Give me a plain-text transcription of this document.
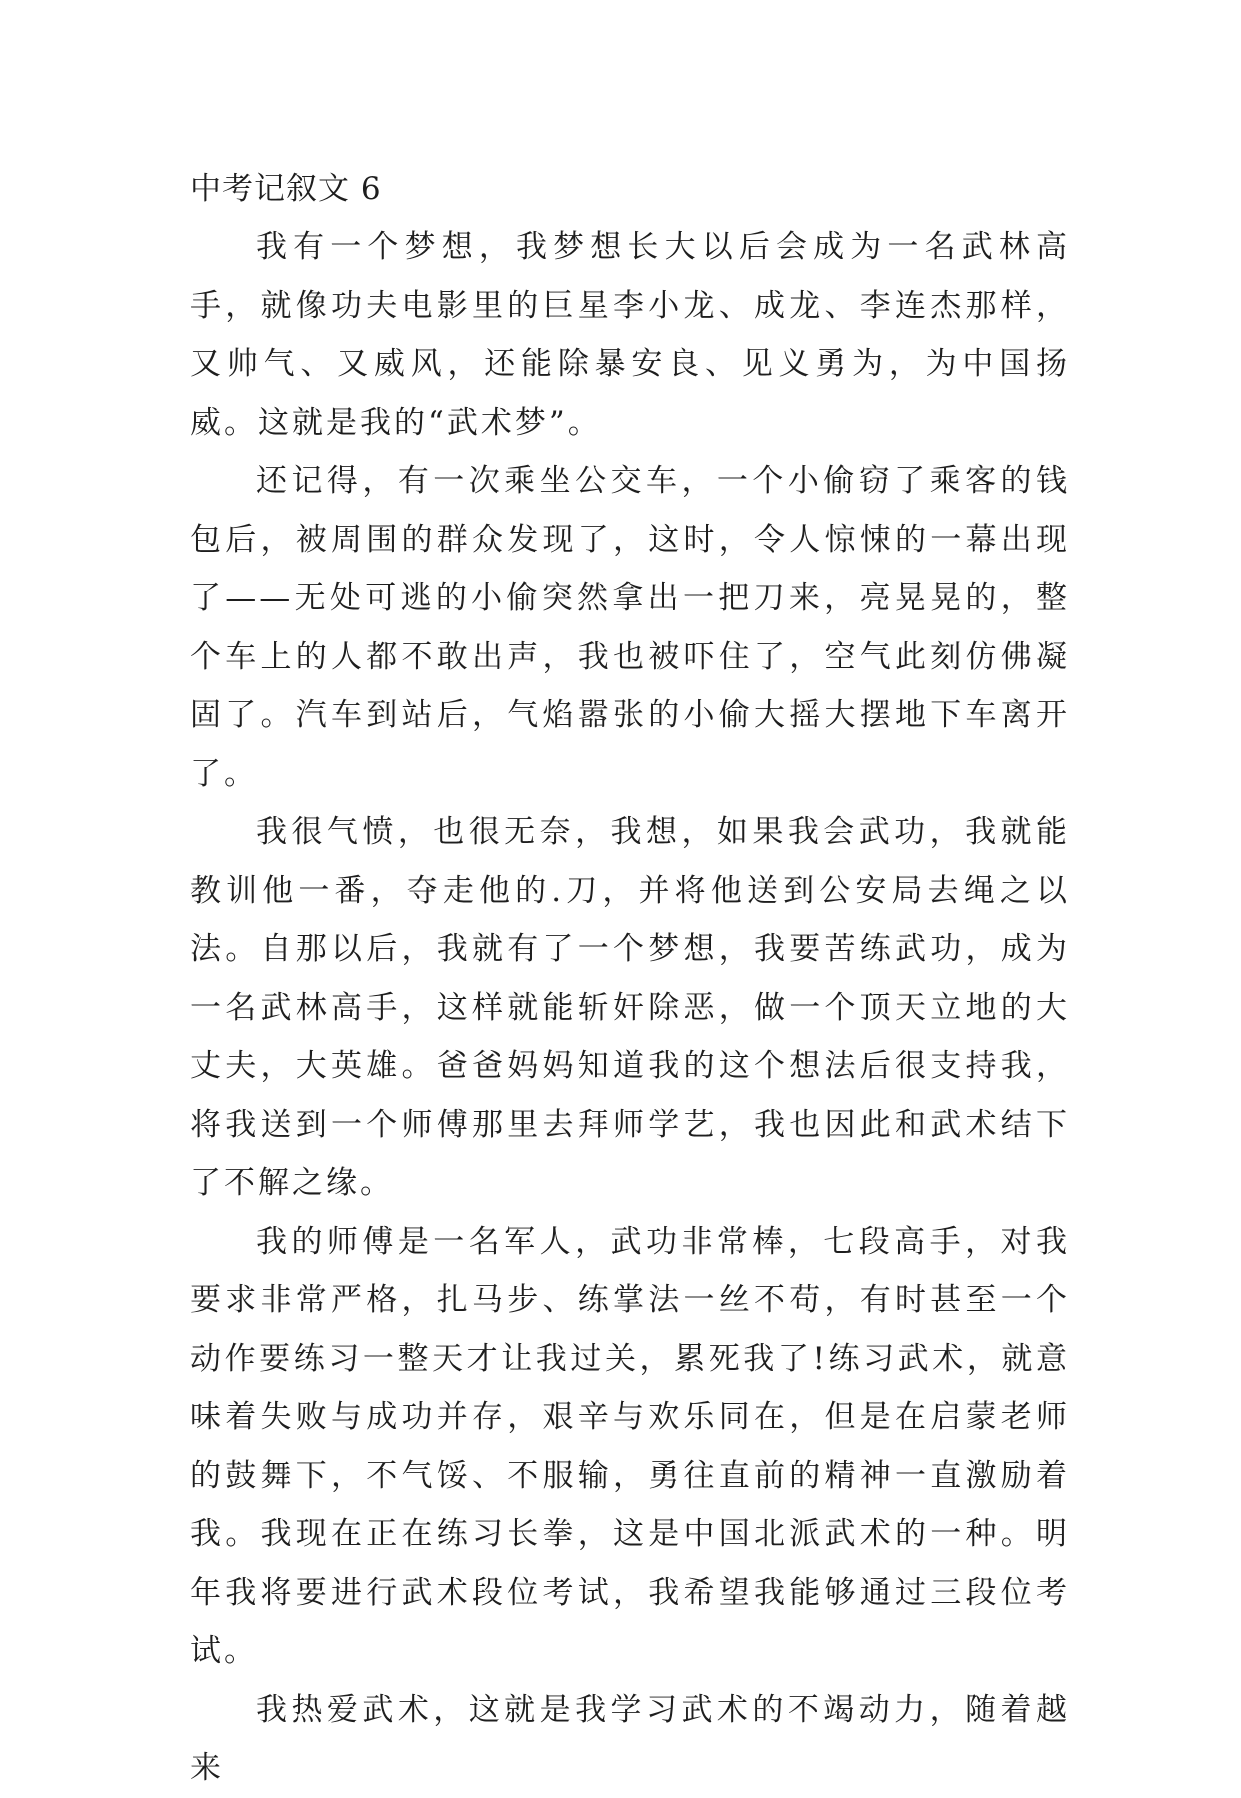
中考记叙文 6

我有一个梦想，我梦想长大以后会成为一名武林高手，就像功夫电影里的巨星李小龙、成龙、李连杰那样，又帅气、又威风，还能除暴安良、见义勇为，为中国扬威。这就是我的“武术梦”。

还记得，有一次乘坐公交车，一个小偷窃了乘客的钱包后，被周围的群众发现了，这时，令人惊悚的一幕出现了——无处可逃的小偷突然拿出一把刀来，亮晃晃的，整个车上的人都不敢出声，我也被吓住了，空气此刻仿佛凝固了。汽车到站后，气焰嚣张的小偷大摇大摆地下车离开了。

我很气愤，也很无奈，我想，如果我会武功，我就能教训他一番，夺走他的.刀，并将他送到公安局去绳之以法。自那以后，我就有了一个梦想，我要苦练武功，成为一名武林高手，这样就能斩奸除恶，做一个顶天立地的大丈夫，大英雄。爸爸妈妈知道我的这个想法后很支持我，将我送到一个师傅那里去拜师学艺，我也因此和武术结下了不解之缘。

我的师傅是一名军人，武功非常棒，七段高手，对我要求非常严格，扎马步、练掌法一丝不苟，有时甚至一个动作要练习一整天才让我过关，累死我了!练习武术，就意味着失败与成功并存，艰辛与欢乐同在，但是在启蒙老师的鼓舞下，不气馁、不服输，勇往直前的精神一直激励着我。我现在正在练习长拳，这是中国北派武术的一种。明年我将要进行武术段位考试，我希望我能够通过三段位考试。

我热爱武术，这就是我学习武术的不竭动力，随着越来
